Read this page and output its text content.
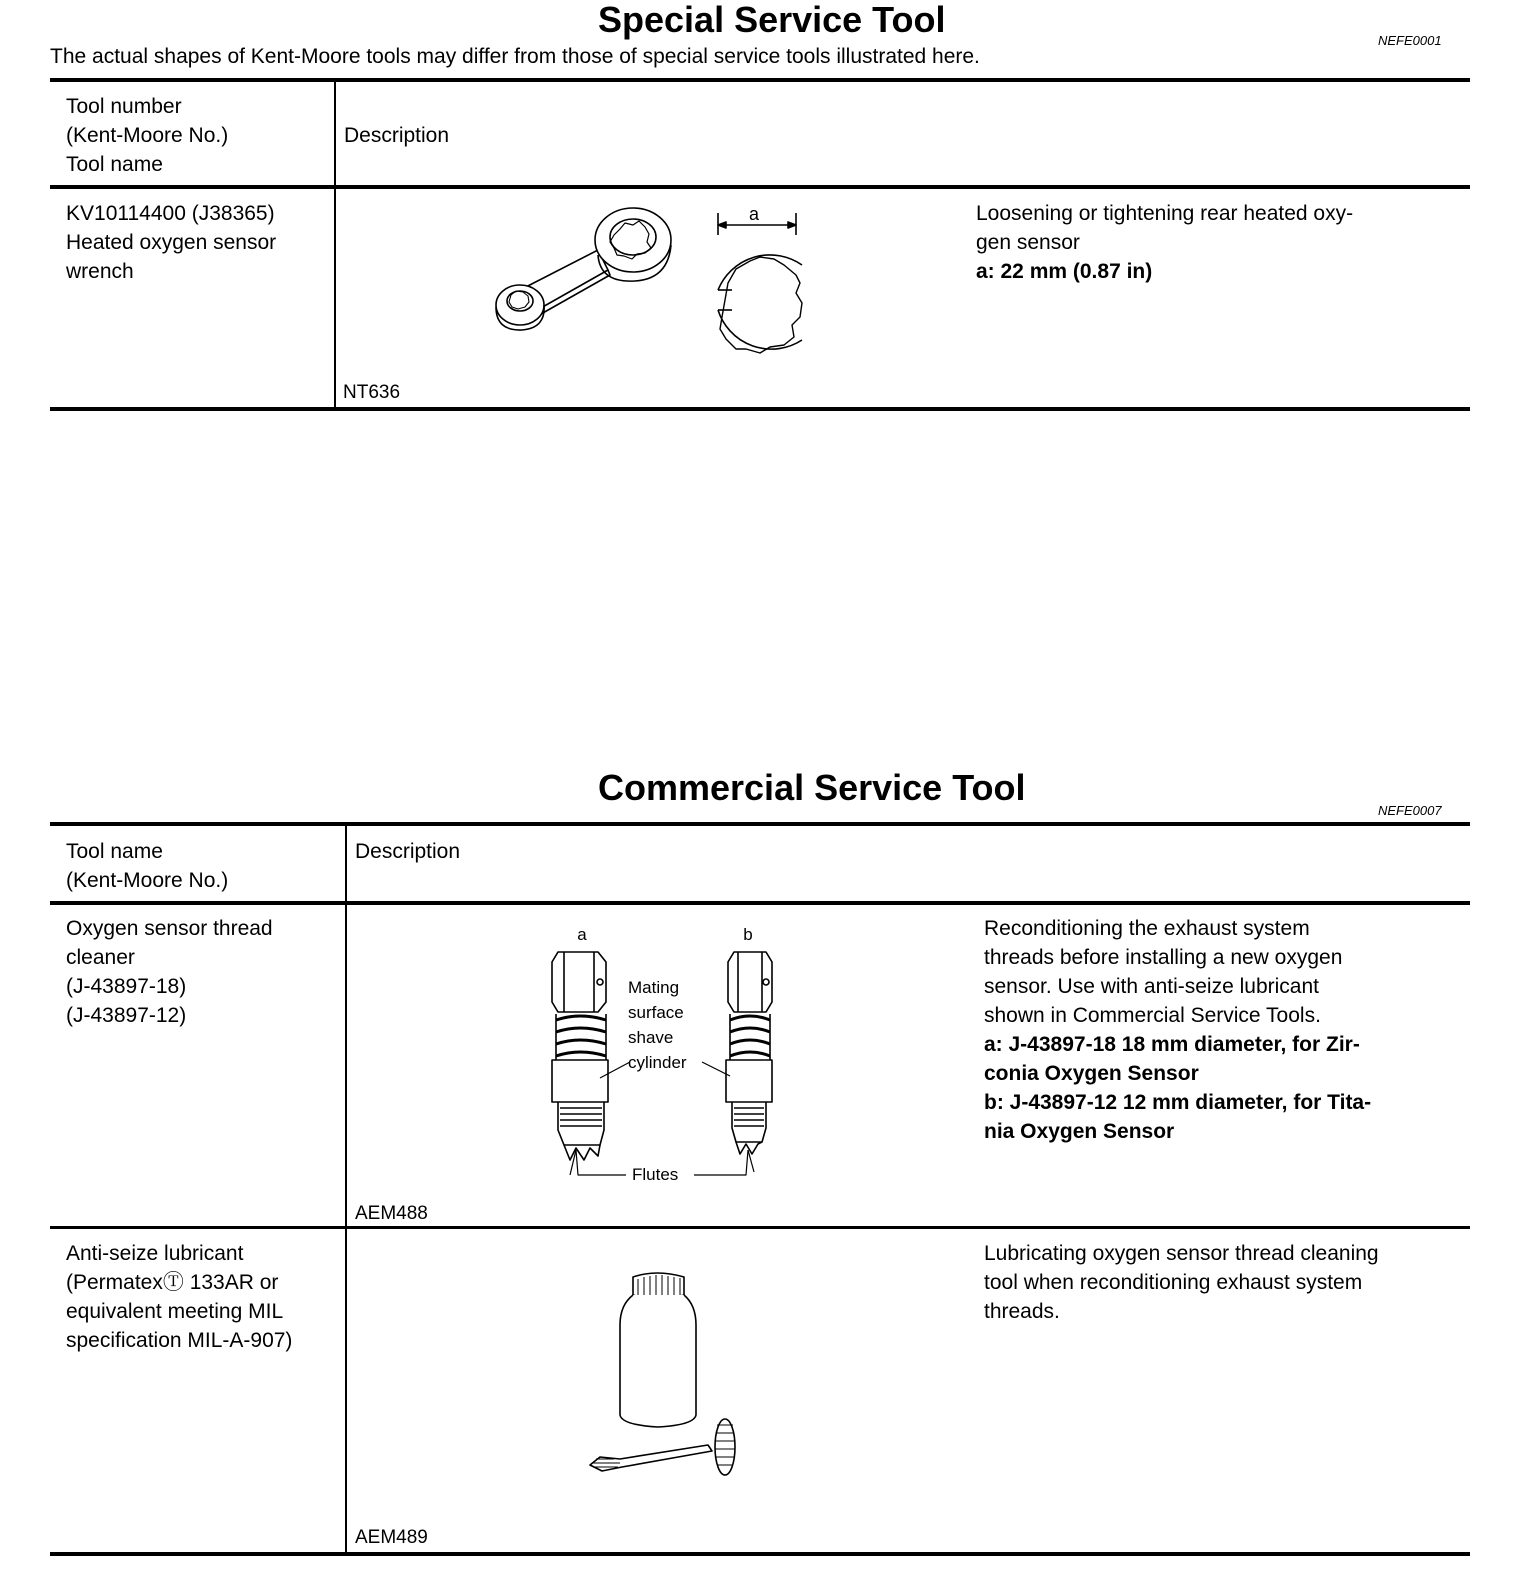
Special Service Tool
NEFE0001
The actual shapes of Kent-Moore tools may differ from those of special service tools illustrated here.
Tool number
(Kent-Moore No.)
Tool name
Description
KV10114400 (J38365)
Heated oxygen sensor
wrench
a
NT636
Loosening or tightening rear heated oxy-
gen sensor
a: 22 mm (0.87 in)
Commercial Service Tool
NEFE0007
Tool name
(Kent-Moore No.)
Description
Oxygen sensor thread
cleaner
(J-43897-18)
(J-43897-12)
a	b
Mating
surface
shave
cylinder
Flutes
AEM488
Reconditioning the exhaust system
threads before installing a new oxygen
sensor. Use with anti-seize lubricant
shown in Commercial Service Tools.
a: J-43897-18 18 mm diameter, for Zir-
conia Oxygen Sensor
b: J-43897-12 12 mm diameter, for Tita-
nia Oxygen Sensor
Anti-seize lubricant
(PermatexⓉ 133AR or
equivalent meeting MIL
specification MIL-A-907)
AEM489
Lubricating oxygen sensor thread cleaning
tool when reconditioning exhaust system
threads.
